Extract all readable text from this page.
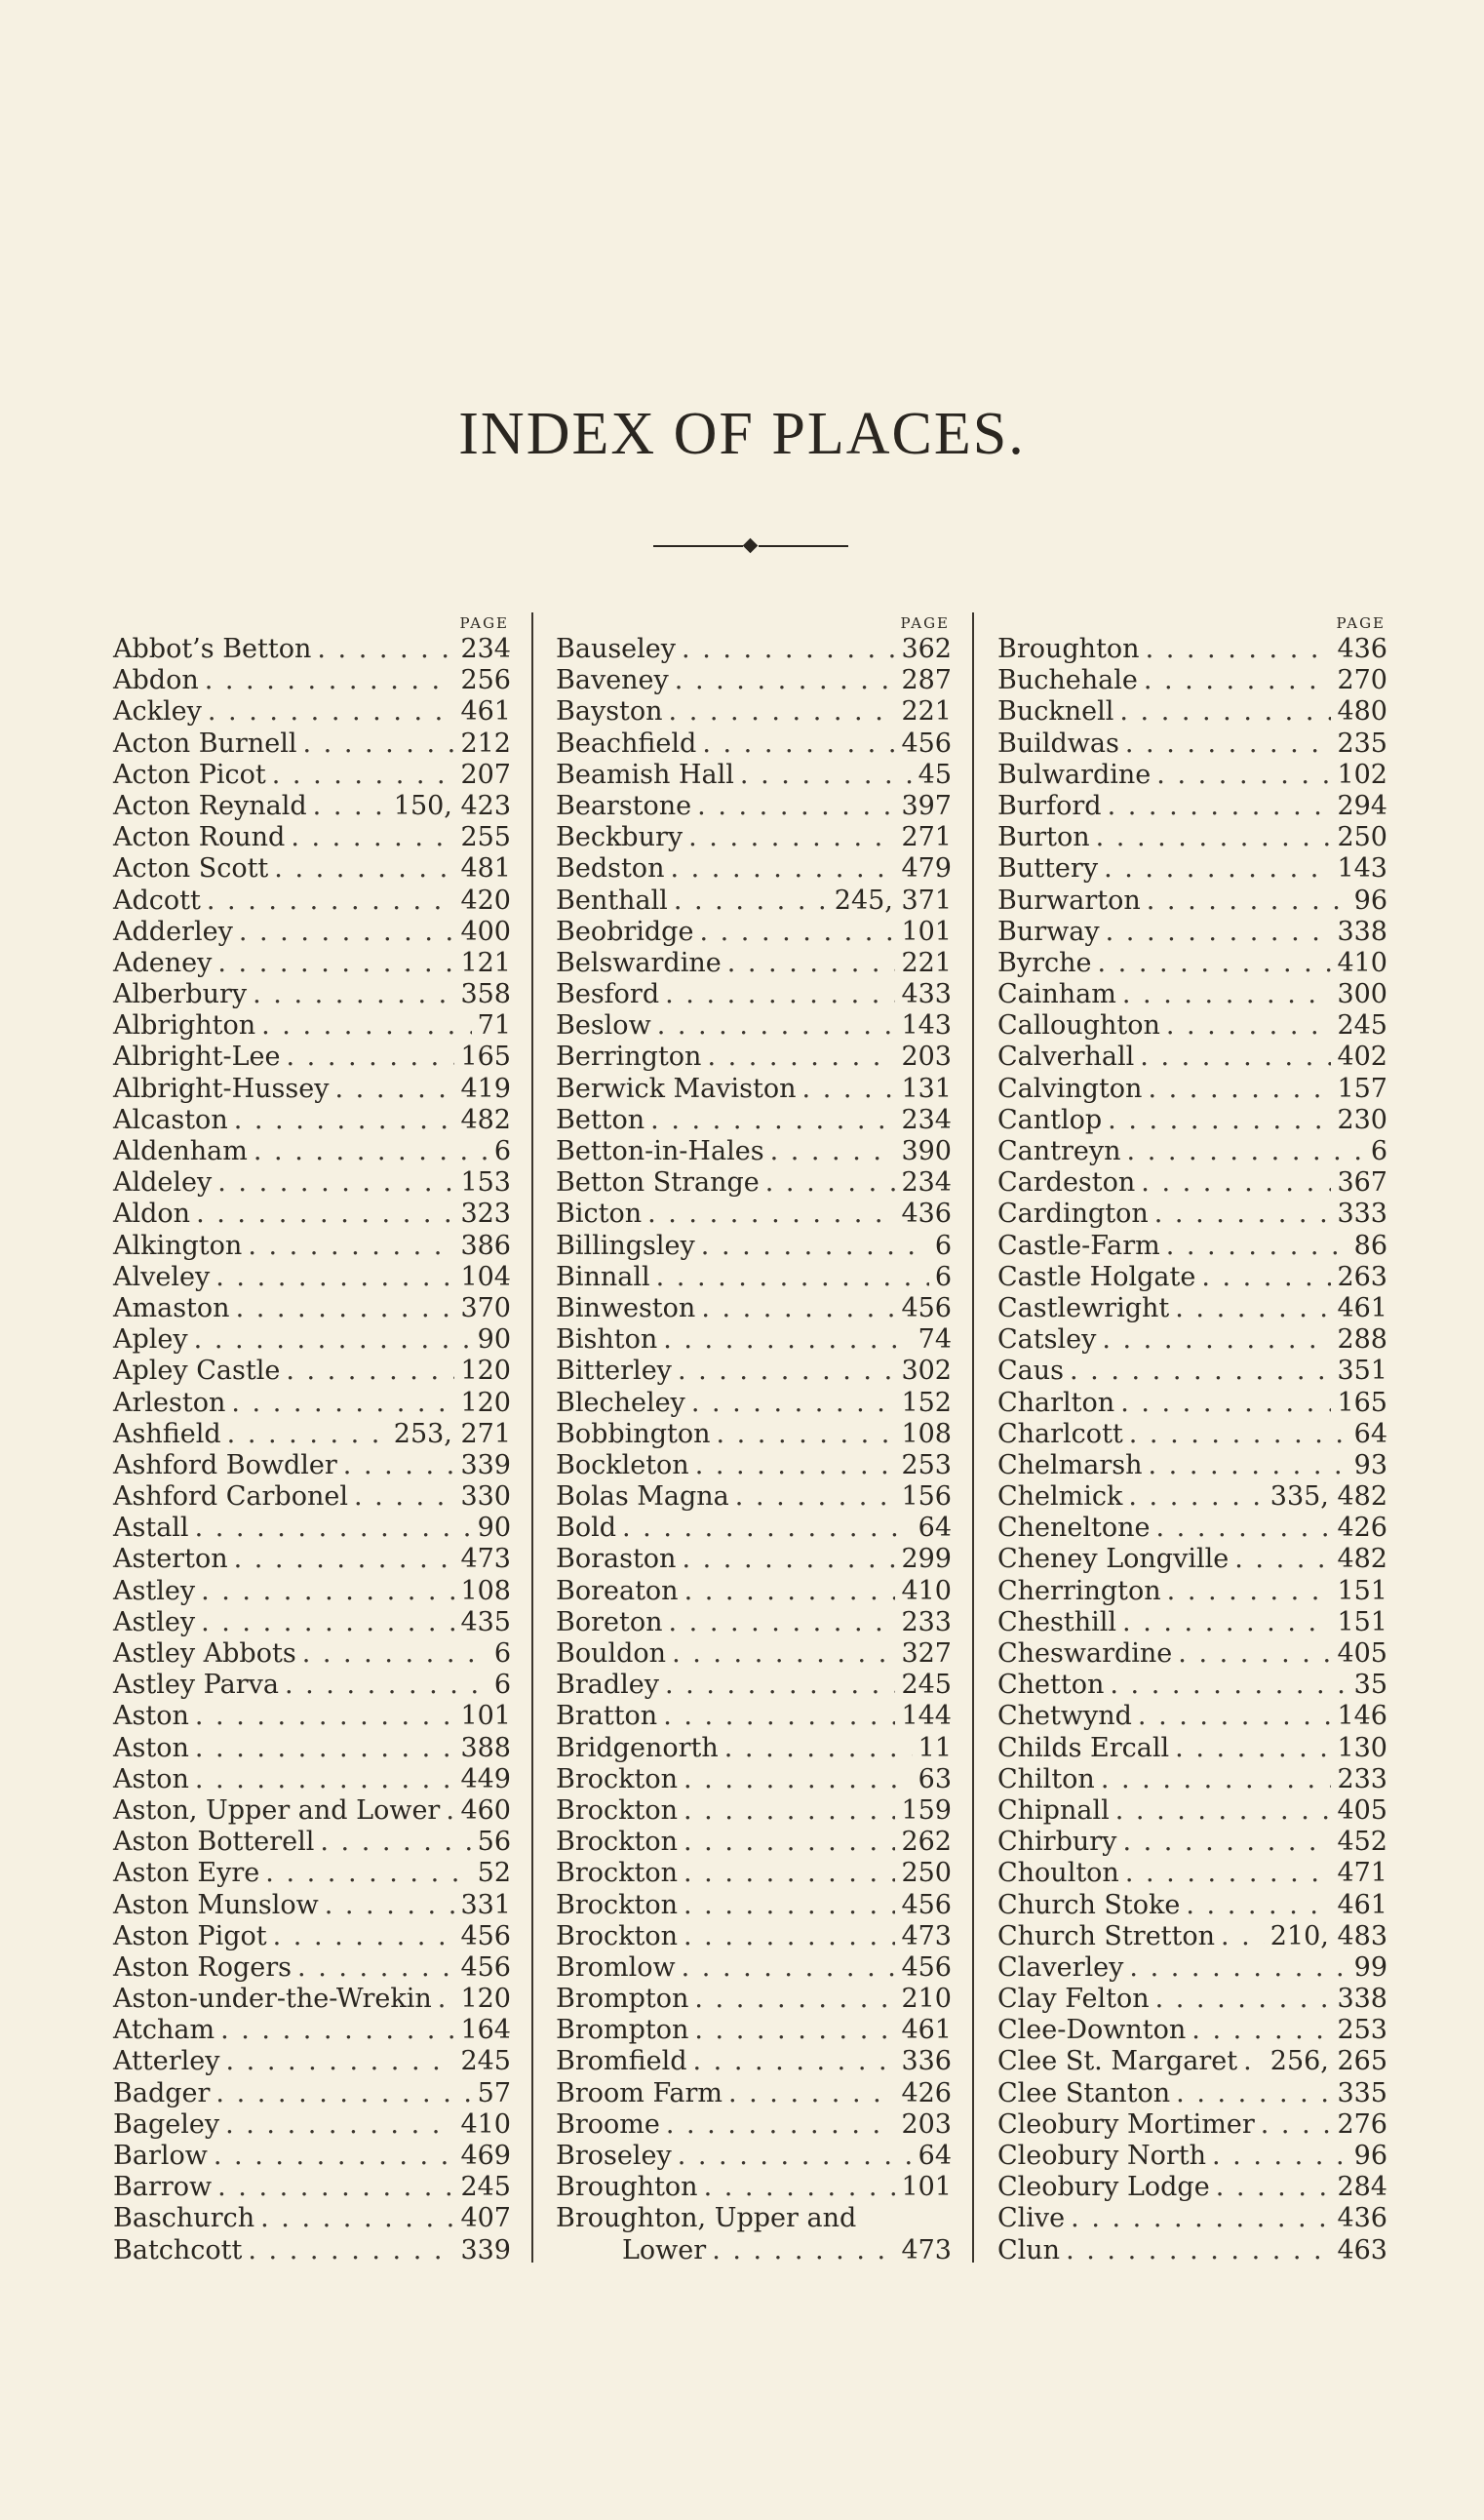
INDEX OF PLACES.
PAGE
Abbot’s Betton . . .	234
Abdon . . .	256
Ackley . . .	461
Acton Burnell . . .	212
Acton Picot . . .	207
Acton Reynald . . .	150, 423
Acton Round . . .	255
Acton Scott . . .	481
Adcott . . .	420
Adderley . . .	400
Adeney . . .	121
Alberbury . . .	358
Albrighton . . .	71
Albright-Lee . . .	165
Albright-Hussey . . .	419
Alcaston . . .	482
Aldenham . . .	6
Aldeley . . .	153
Aldon . . .	323
Alkington . . .	386
Alveley . . .	104
Amaston . . .	370
Apley . . .	90
Apley Castle . . .	120
Arleston . . .	120
Ashfield . . .	253, 271
Ashford Bowdler . . .	339
Ashford Carbonel . . .	330
Astall . . .	90
Asterton . . .	473
Astley . . .	108
Astley . . .	435
Astley Abbots . . .	6
Astley Parva . . .	6
Aston . . .	101
Aston . . .	388
Aston . . .	449
Aston, Upper and Lower . . . 460
Aston Botterell . . .	56
Aston Eyre . . .	52
Aston Munslow . . .	331
Aston Pigot . . .	456
Aston Rogers . . .	456
Aston-under-the-Wrekin . . . 120
Atcham . . .	164
Atterley . . .	245
Badger . . .	57
Bageley . . .	410
Barlow . . .	469
Barrow . . .	245
Baschurch . . .	407
Batchcott . . .	339
PAGE
Bauseley . . .	362
Baveney . . .	287
Bayston . . .	221
Beachfield . . .	456
Beamish Hall . . .	45
Bearstone . . .	397
Beckbury . . .	271
Bedston . . .	479
Benthall . . .	245, 371
Beobridge . . .	101
Belswardine . . .	221
Besford . . .	433
Beslow . . .	143
Berrington . . .	203
Berwick Maviston . . .	131
Betton . . .	234
Betton-in-Hales . . .	390
Betton Strange . . .	234
Bicton . . .	436
Billingsley . . .	6
Binnall . . .	6
Binweston . . .	456
Bishton . . .	74
Bitterley . . .	302
Blecheley . . .	152
Bobbington . . .	108
Bockleton . . .	253
Bolas Magna . . .	156
Bold . . .	64
Boraston . . .	299
Boreaton . . .	410
Boreton . . .	233
Bouldon . . .	327
Bradley . . .	245
Bratton . . .	144
Bridgenorth . . .	11
Brockton . . .	63
Brockton . . .	159
Brockton . . .	262
Brockton . . .	250
Brockton . . .	456
Brockton . . .	473
Bromlow . . .	456
Brompton . . .	210
Brompton . . .	461
Bromfield . . .	336
Broom Farm . . .	426
Broome . . .	203
Broseley . . .	64
Broughton . . .	101
Broughton, Upper and
Lower . . .	473
PAGE
Broughton . . .	436
Buchehale . . .	270
Bucknell . . .	480
Buildwas . . .	235
Bulwardine . . .	102
Burford . . .	294
Burton . . .	250
Buttery . . .	143
Burwarton . . .	96
Burway . . .	338
Byrche . . .	410
Cainham . . .	300
Calloughton . . .	245
Calverhall . . .	402
Calvington . . .	157
Cantlop . . .	230
Cantreyn . . .	6
Cardeston . . .	367
Cardington . . .	333
Castle-Farm . . .	86
Castle Holgate . . .	263
Castlewright . . .	461
Catsley . . .	288
Caus . . .	351
Charlton . . .	165
Charlcott . . .	64
Chelmarsh . . .	93
Chelmick . . .	335, 482
Cheneltone . . .	426
Cheney Longville . . .	482
Cherrington . . .	151
Chesthill . . .	151
Cheswardine . . .	405
Chetton . . .	35
Chetwynd . . .	146
Childs Ercall . . .	130
Chilton . . .	233
Chipnall . . .	405
Chirbury . . .	452
Choulton . . .	471
Church Stoke . . .	461
Church Stretton . . . 210, 483
Claverley . . .	99
Clay Felton . . .	338
Clee-Downton . . .	253
Clee St. Margaret . . . 256, 265
Clee Stanton . . .	335
Cleobury Mortimer . . .	276
Cleobury North . . .	96
Cleobury Lodge . . .	284
Clive . . .	436
Clun . . .	463
